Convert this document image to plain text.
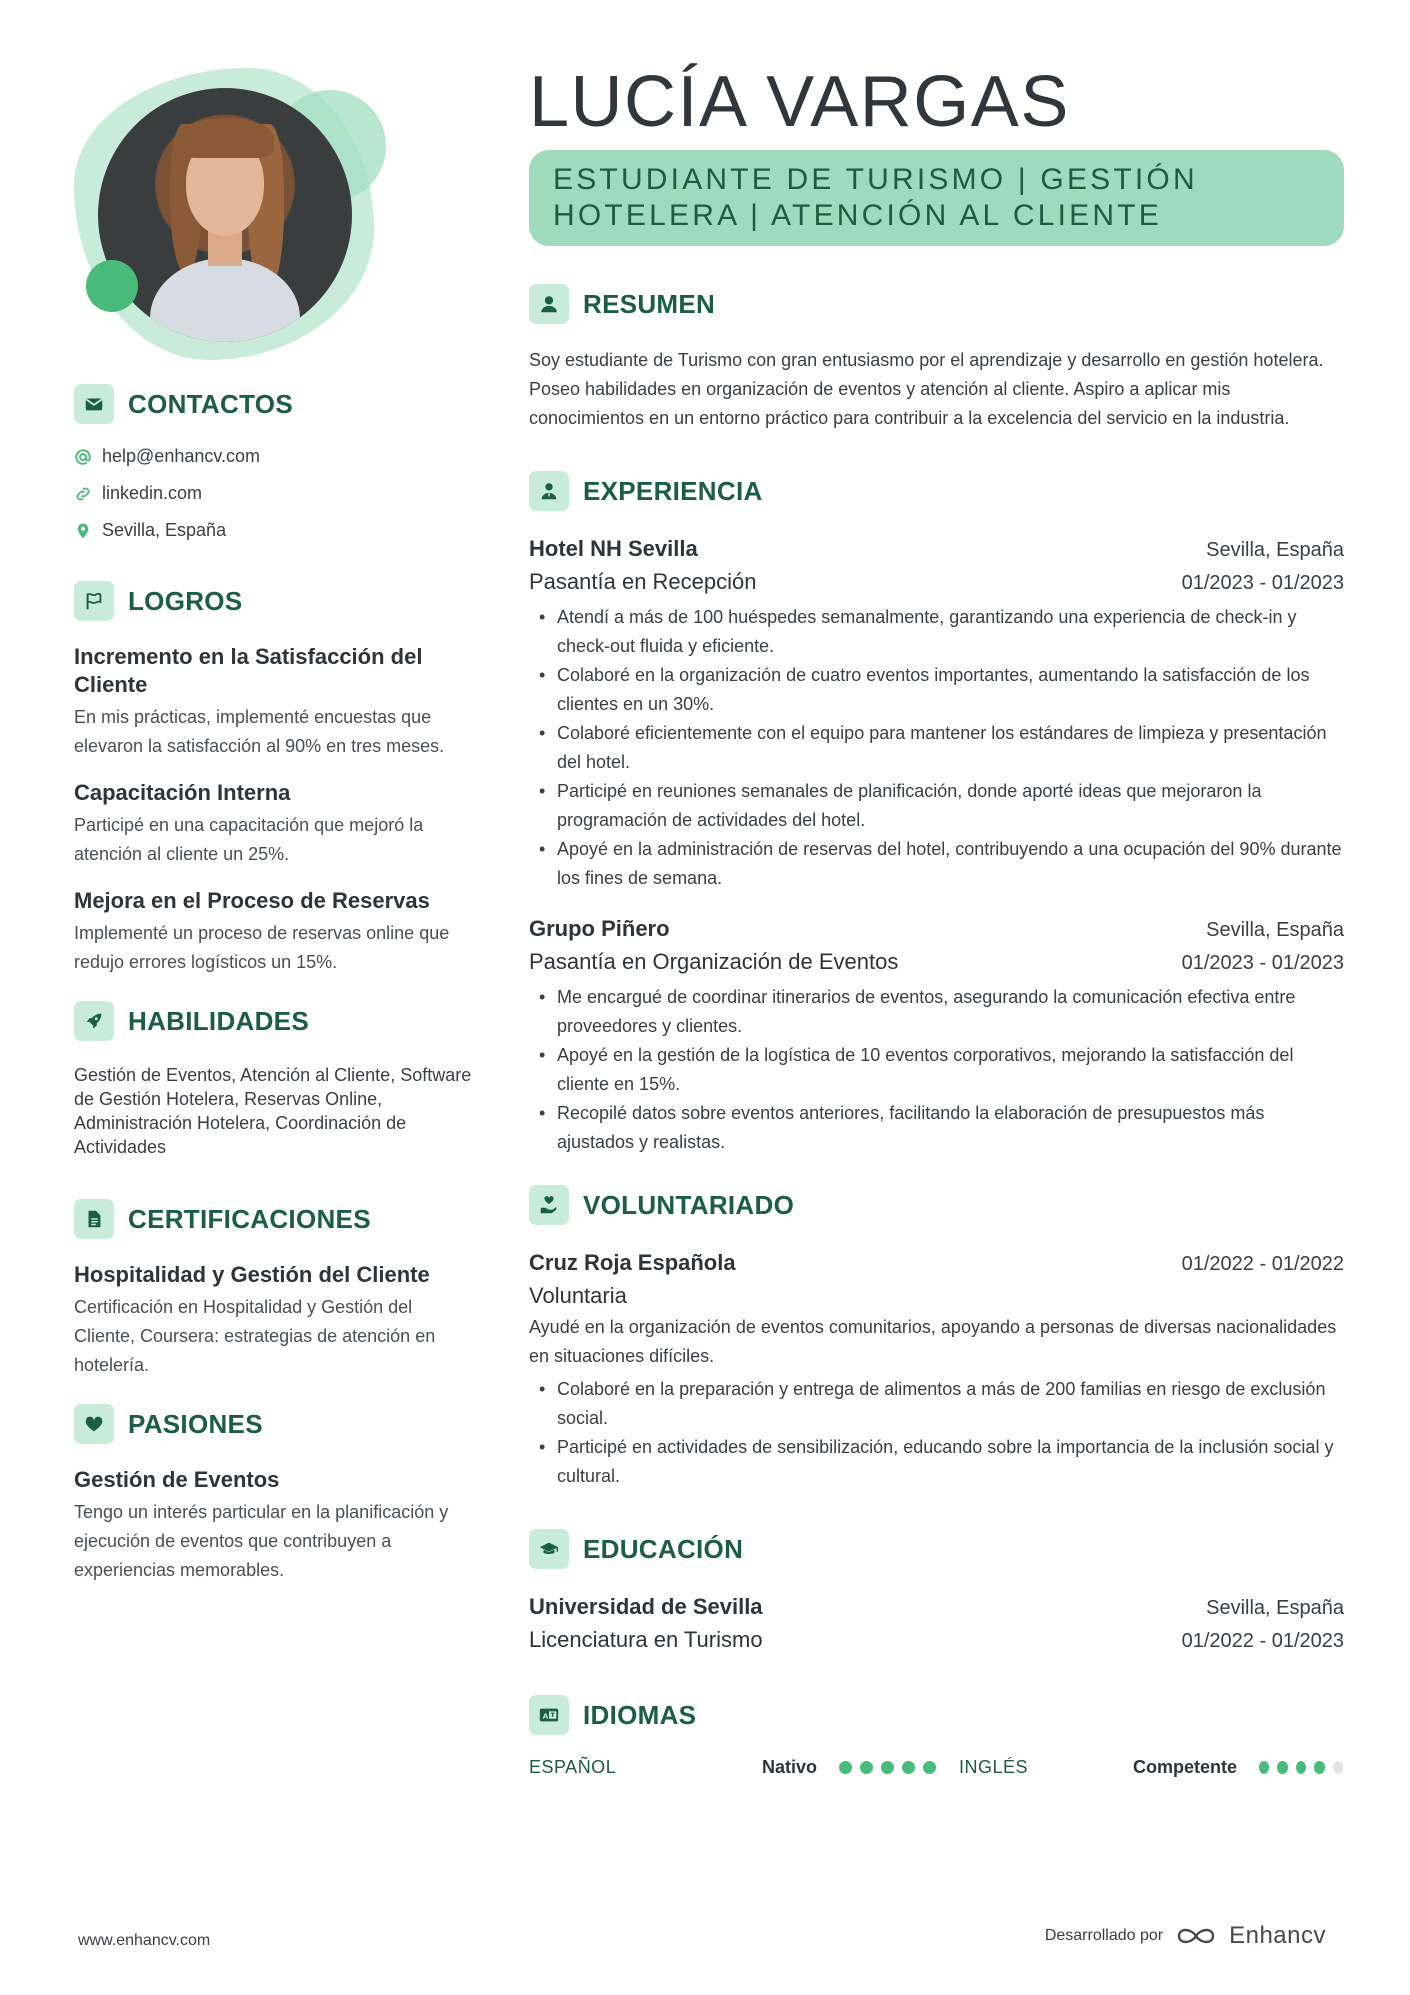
CONTACTOS
help@enhancv.com
linkedin.com
Sevilla, España
LOGROS
Incremento en la Satisfacción del Cliente
En mis prácticas, implementé encuestas que elevaron la satisfacción al 90% en tres meses.
Capacitación Interna
Participé en una capacitación que mejoró la atención al cliente un 25%.
Mejora en el Proceso de Reservas
Implementé un proceso de reservas online que redujo errores logísticos un 15%.
HABILIDADES
Gestión de Eventos, Atención al Cliente, Software de Gestión Hotelera, Reservas Online, Administración Hotelera, Coordinación de Actividades
CERTIFICACIONES
Hospitalidad y Gestión del Cliente
Certificación en Hospitalidad y Gestión del Cliente, Coursera: estrategias de atención en hotelería.
PASIONES
Gestión de Eventos
Tengo un interés particular en la planificación y ejecución de eventos que contribuyen a experiencias memorables.
LUCÍA VARGAS
ESTUDIANTE DE TURISMO | GESTIÓN
HOTELERA | ATENCIÓN AL CLIENTE
RESUMEN
Soy estudiante de Turismo con gran entusiasmo por el aprendizaje y desarrollo en gestión hotelera. Poseo habilidades en organización de eventos y atención al cliente. Aspiro a aplicar mis conocimientos en un entorno práctico para contribuir a la excelencia del servicio en la industria.
EXPERIENCIA
Hotel NH Sevilla	Sevilla, España
Pasantía en Recepción	01/2023 - 01/2023
• Atendí a más de 100 huéspedes semanalmente, garantizando una experiencia de check-in y check-out fluida y eficiente.
• Colaboré en la organización de cuatro eventos importantes, aumentando la satisfacción de los clientes en un 30%.
• Colaboré eficientemente con el equipo para mantener los estándares de limpieza y presentación del hotel.
• Participé en reuniones semanales de planificación, donde aporté ideas que mejoraron la programación de actividades del hotel.
• Apoyé en la administración de reservas del hotel, contribuyendo a una ocupación del 90% durante los fines de semana.
Grupo Piñero	Sevilla, España
Pasantía en Organización de Eventos	01/2023 - 01/2023
• Me encargué de coordinar itinerarios de eventos, asegurando la comunicación efectiva entre proveedores y clientes.
• Apoyé en la gestión de la logística de 10 eventos corporativos, mejorando la satisfacción del cliente en 15%.
• Recopilé datos sobre eventos anteriores, facilitando la elaboración de presupuestos más ajustados y realistas.
VOLUNTARIADO
Cruz Roja Española	01/2022 - 01/2022
Voluntaria
Ayudé en la organización de eventos comunitarios, apoyando a personas de diversas nacionalidades en situaciones difíciles.
• Colaboré en la preparación y entrega de alimentos a más de 200 familias en riesgo de exclusión social.
• Participé en actividades de sensibilización, educando sobre la importancia de la inclusión social y cultural.
EDUCACIÓN
Universidad de Sevilla	Sevilla, España
Licenciatura en Turismo	01/2022 - 01/2023
A IDIOMAS
ESPAÑOL	Nativo	INGLÉS	Competente
www.enhancv.com	Desarrollado por	Enhancv
